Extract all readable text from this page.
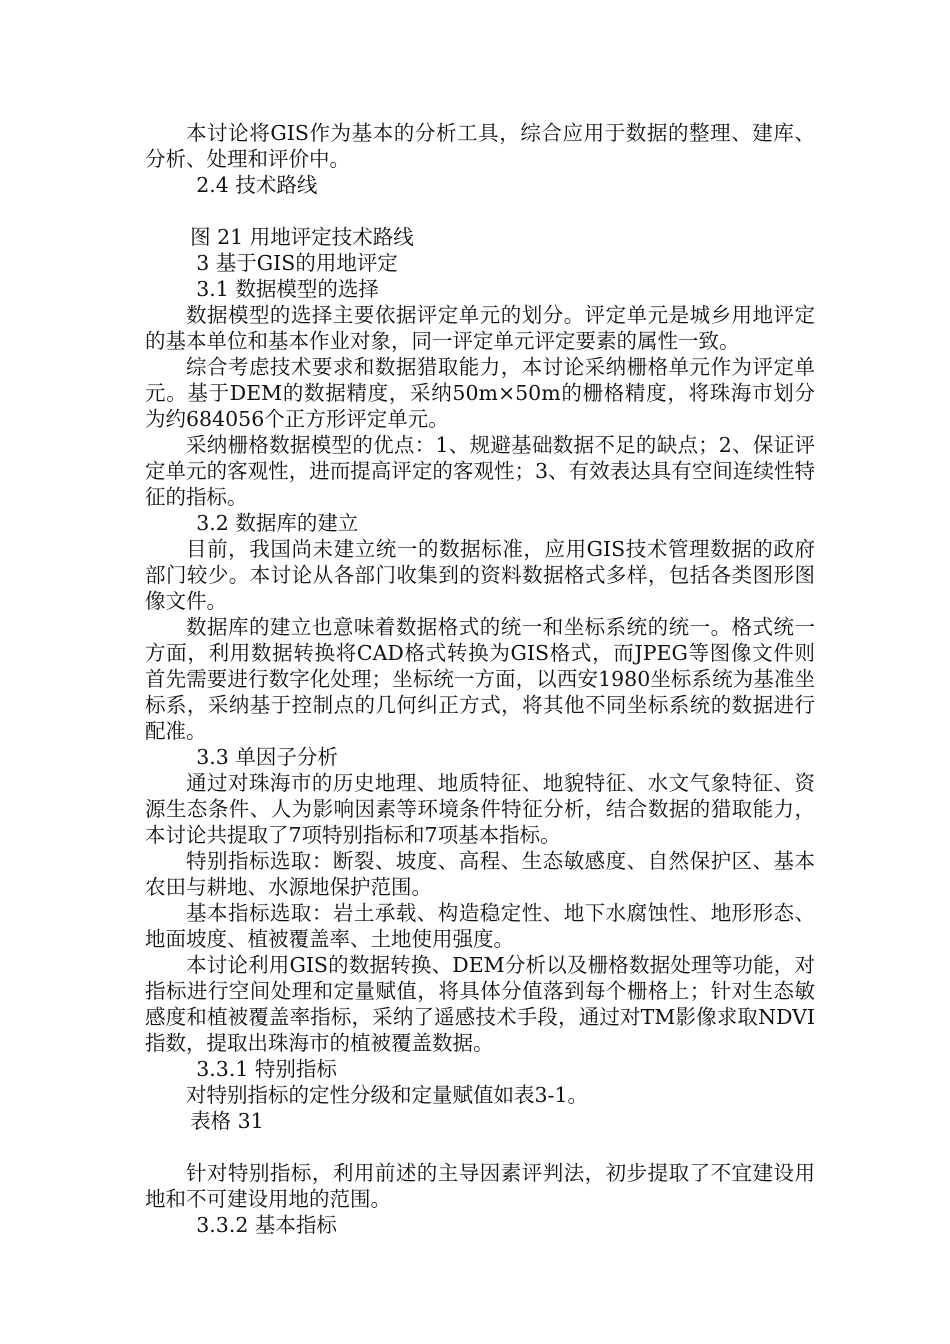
本讨论将GIS作为基本的分析工具，综合应用于数据的整理、建库、分析、处理和评价中。

2.4 技术路线

图 21 用地评定技术路线

3 基于GIS的用地评定

3.1 数据模型的选择

数据模型的选择主要依据评定单元的划分。评定单元是城乡用地评定的基本单位和基本作业对象，同一评定单元评定要素的属性一致。

综合考虑技术要求和数据猎取能力，本讨论采纳栅格单元作为评定单元。基于DEM的数据精度，采纳50m×50m的栅格精度，将珠海市划分为约684056个正方形评定单元。

采纳栅格数据模型的优点：1、规避基础数据不足的缺点；2、保证评定单元的客观性，进而提高评定的客观性；3、有效表达具有空间连续性特征的指标。

3.2 数据库的建立

目前，我国尚未建立统一的数据标准，应用GIS技术管理数据的政府部门较少。本讨论从各部门收集到的资料数据格式多样，包括各类图形图像文件。

数据库的建立也意味着数据格式的统一和坐标系统的统一。格式统一方面，利用数据转换将CAD格式转换为GIS格式，而JPEG等图像文件则首先需要进行数字化处理；坐标统一方面，以西安1980坐标系统为基准坐标系，采纳基于控制点的几何纠正方式，将其他不同坐标系统的数据进行配准。

3.3 单因子分析

通过对珠海市的历史地理、地质特征、地貌特征、水文气象特征、资源生态条件、人为影响因素等环境条件特征分析，结合数据的猎取能力，本讨论共提取了7项特别指标和7项基本指标。

特别指标选取：断裂、坡度、高程、生态敏感度、自然保护区、基本农田与耕地、水源地保护范围。

基本指标选取：岩土承载、构造稳定性、地下水腐蚀性、地形形态、地面坡度、植被覆盖率、土地使用强度。

本讨论利用GIS的数据转换、DEM分析以及栅格数据处理等功能，对指标进行空间处理和定量赋值，将具体分值落到每个栅格上；针对生态敏感度和植被覆盖率指标，采纳了遥感技术手段，通过对TM影像求取NDVI指数，提取出珠海市的植被覆盖数据。

3.3.1 特别指标

对特别指标的定性分级和定量赋值如表3-1。

表格 31

针对特别指标，利用前述的主导因素评判法，初步提取了不宜建设用地和不可建设用地的范围。

3.3.2 基本指标
